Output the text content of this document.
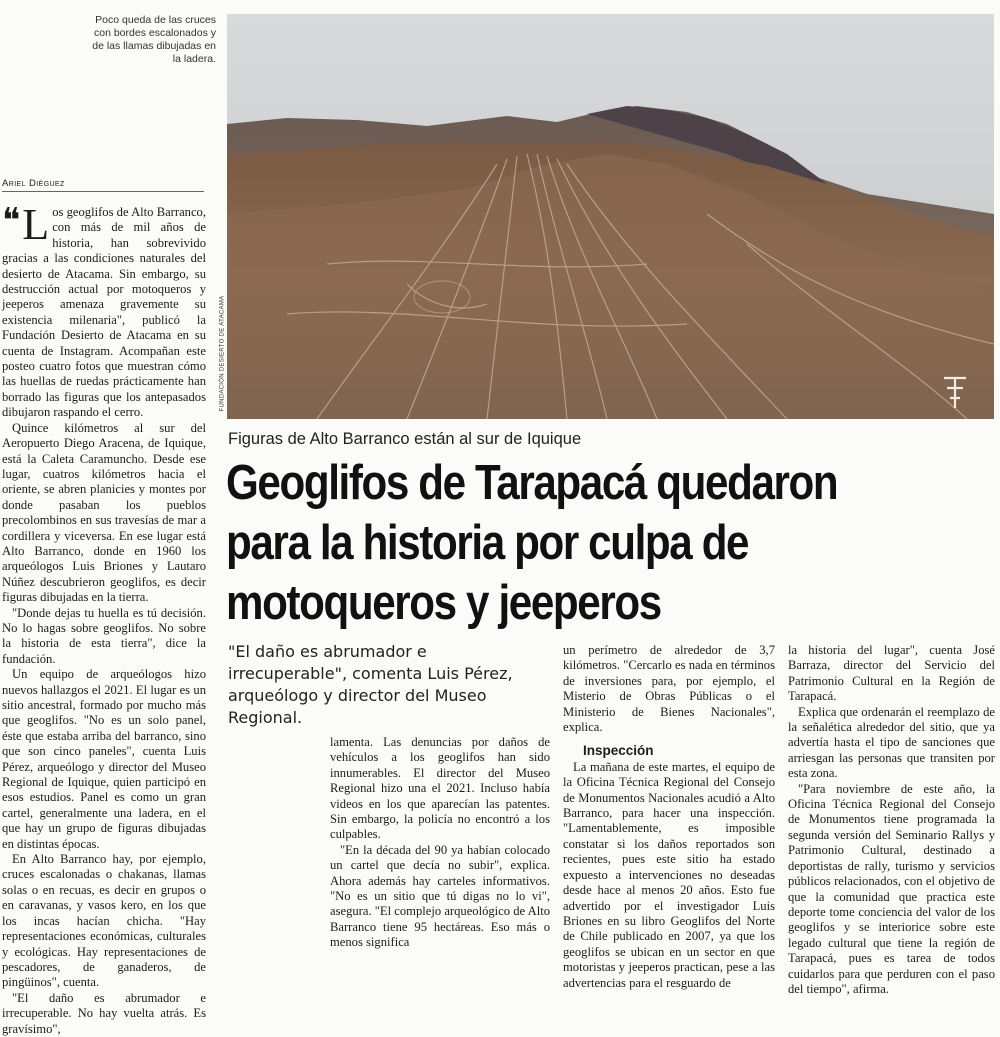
Poco queda de las cruces con bordes escalonados y de las llamas dibujadas en la ladera.
FUNDACIÓN DESIERTO DE ATACAMA
Ariel Diéguez

❝ L os geoglifos de Alto Barranco, con más de mil años de historia, han sobrevivido gracias a las condiciones naturales del desierto de Atacama. Sin embargo, su destrucción actual por motoqueros y jeeperos amenaza gravemente su existencia milenaria", publicó la Fundación Desierto de Atacama en su cuenta de Instagram. Acompañan este posteo cuatro fotos que muestran cómo las huellas de ruedas prácticamente han borrado las figuras que los antepasados dibujaron raspando el cerro.

Quince kilómetros al sur del Aeropuerto Diego Aracena, de Iquique, está la Caleta Caramuncho. Desde ese lugar, cuatros kilómetros hacia el oriente, se abren planicies y montes por donde pasaban los pueblos precolombinos en sus travesías de mar a cordillera y viceversa. En ese lugar está Alto Barranco, donde en 1960 los arqueólogos Luis Briones y Lautaro Núñez descubrieron geoglifos, es decir figuras dibujadas en la tierra.

"Donde dejas tu huella es tú decisión. No lo hagas sobre geoglifos. No sobre la historia de esta tierra", dice la fundación.

Un equipo de arqueólogos hizo nuevos hallazgos el 2021. El lugar es un sitio ancestral, formado por mucho más que geoglifos. "No es un solo panel, éste que estaba arriba del barranco, sino que son cinco paneles", cuenta Luis Pérez, arqueólogo y director del Museo Regional de Iquique, quien participó en esos estudios. Panel es como un gran cartel, generalmente una ladera, en el que hay un grupo de figuras dibujadas en distintas épocas.

En Alto Barranco hay, por ejemplo, cruces escalonadas o chakanas, llamas solas o en recuas, es decir en grupos o en caravanas, y vasos kero, en los que los incas hacían chicha. "Hay representaciones económicas, culturales y ecológicas. Hay representaciones de pescadores, de ganaderos, de pingüinos", cuenta.

"El daño es abrumador e irrecuperable. No hay vuelta atrás. Es gravísimo",

Figuras de Alto Barranco están al sur de Iquique
Geoglifos de Tarapacá quedaron
para la historia por culpa de
motoqueros y jeeperos
"El daño es abrumador e irrecuperable", comenta Luis Pérez, arqueólogo y director del Museo Regional.

lamenta. Las denuncias por daños de vehículos a los geoglifos han sido innumerables. El director del Museo Regional hizo una el 2021. Incluso había videos en los que aparecían las patentes. Sin embargo, la policía no encontró a los culpables.

"En la década del 90 ya habían colocado un cartel que decía no subir", explica. Ahora además hay carteles informativos. "No es un sitio que tú digas no lo vi", asegura. "El complejo arqueológico de Alto Barranco tiene 95 hectáreas. Eso más o menos significa

un perímetro de alrededor de 3,7 kilómetros. "Cercarlo es nada en términos de inversiones para, por ejemplo, el Misterio de Obras Públicas o el Ministerio de Bienes Nacionales", explica.

Inspección

La mañana de este martes, el equipo de la Oficina Técnica Regional del Consejo de Monumentos Nacionales acudió a Alto Barranco, para hacer una inspección. "Lamentablemente, es imposible constatar si los daños reportados son recientes, pues este sitio ha estado expuesto a intervenciones no deseadas desde hace al menos 20 años. Esto fue advertido por el investigador Luis Briones en su libro Geoglifos del Norte de Chile publicado en 2007, ya que los geoglifos se ubican en un sector en que motoristas y jeeperos practican, pese a las advertencias para el resguardo de

la historia del lugar", cuenta José Barraza, director del Servicio del Patrimonio Cultural en la Región de Tarapacá.

Explica que ordenarán el reemplazo de la señalética alrededor del sitio, que ya advertía hasta el tipo de sanciones que arriesgan las personas que transiten por esta zona.

"Para noviembre de este año, la Oficina Técnica Regional del Consejo de Monumentos tiene programada la segunda versión del Seminario Rallys y Patrimonio Cultural, destinado a deportistas de rally, turismo y servicios públicos relacionados, con el objetivo de que la comunidad que practica este deporte tome conciencia del valor de los geoglifos y se interiorice sobre este legado cultural que tiene la región de Tarapacá, pues es tarea de todos cuidarlos para que perduren con el paso del tiempo", afirma.
